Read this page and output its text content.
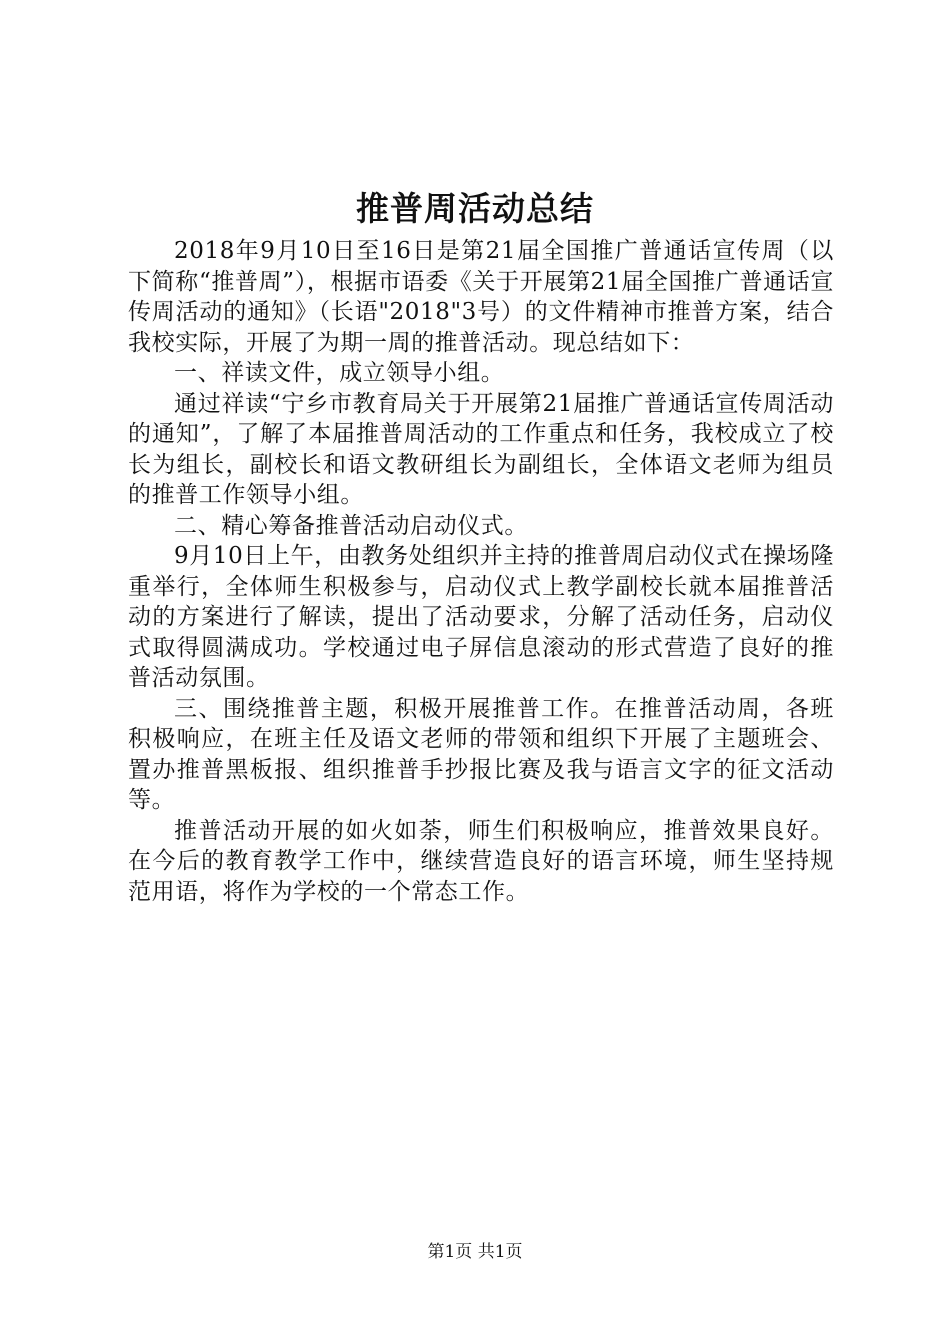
推普周活动总结

2018年9月10日至16日是第21届全国推广普通话宣传周（以下简称“推普周”），根据市语委《关于开展第21届全国推广普通话宣传周活动的通知》（长语"2018"3号）的文件精神市推普方案，结合我校实际，开展了为期一周的推普活动。现总结如下：

一、祥读文件，成立领导小组。

通过祥读“宁乡市教育局关于开展第21届推广普通话宣传周活动的通知”，了解了本届推普周活动的工作重点和任务，我校成立了校长为组长，副校长和语文教研组长为副组长，全体语文老师为组员的推普工作领导小组。

二、精心筹备推普活动启动仪式。

9月10日上午，由教务处组织并主持的推普周启动仪式在操场隆重举行，全体师生积极参与，启动仪式上教学副校长就本届推普活动的方案进行了解读，提出了活动要求，分解了活动任务，启动仪式取得圆满成功。学校通过电子屏信息滚动的形式营造了良好的推普活动氛围。

三、围绕推普主题，积极开展推普工作。在推普活动周，各班积极响应，在班主任及语文老师的带领和组织下开展了主题班会、置办推普黑板报、组织推普手抄报比赛及我与语言文字的征文活动等。

推普活动开展的如火如荼，师生们积极响应，推普效果良好。在今后的教育教学工作中，继续营造良好的语言环境，师生坚持规范用语，将作为学校的一个常态工作。

第1页 共1页
